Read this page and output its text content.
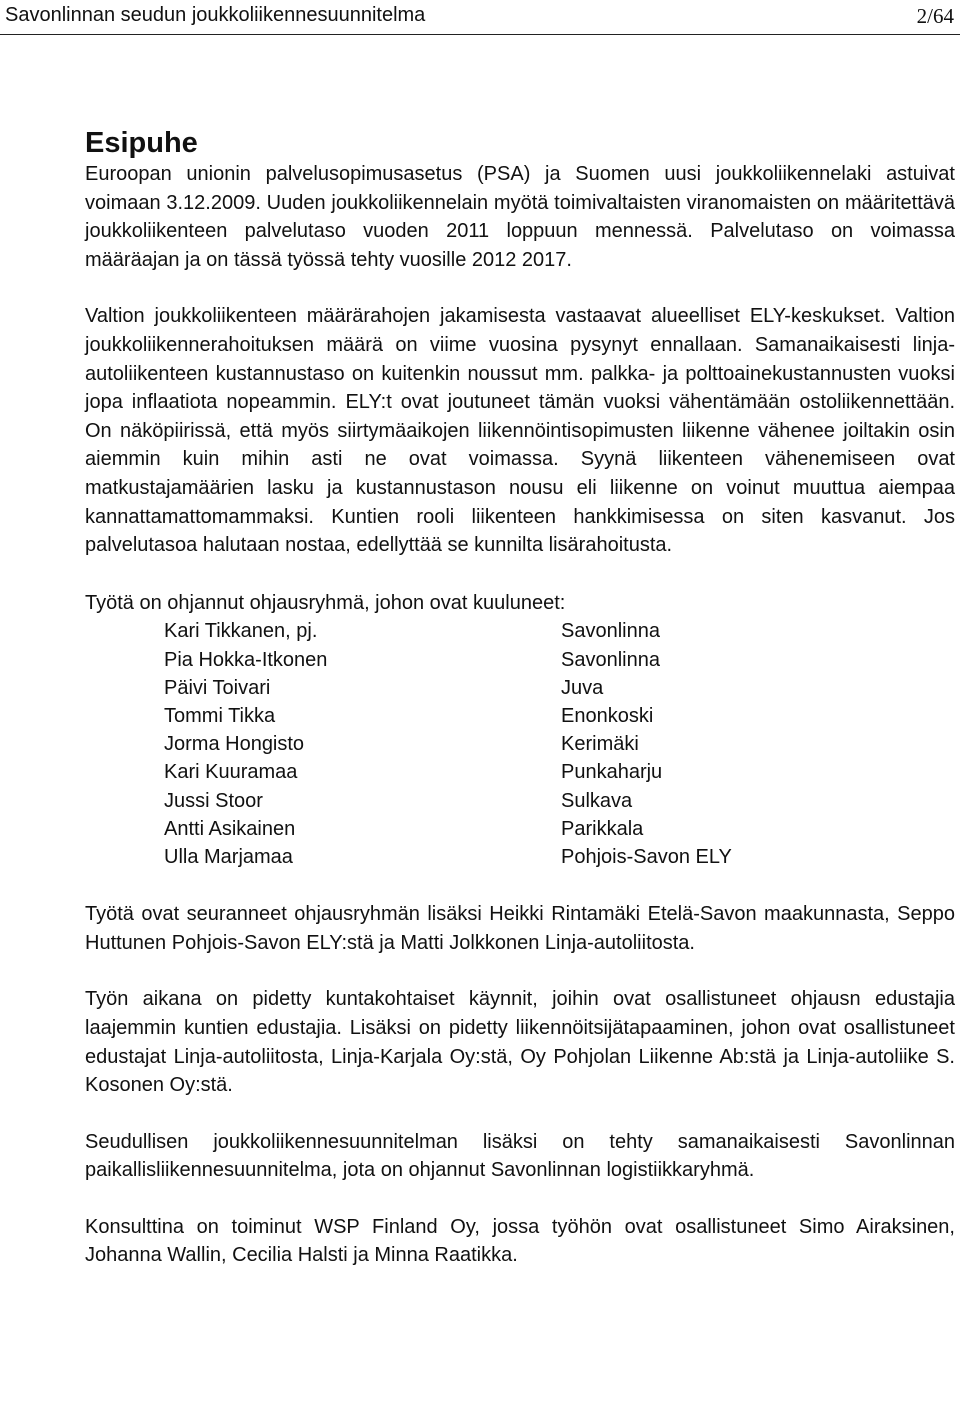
Savonlinnan seudun joukkoliikennesuunnitelma	2/64
Esipuhe

Euroopan unionin palvelusopimusasetus (PSA) ja Suomen uusi joukkoliikennelaki astuivat voimaan 3.12.2009. Uuden joukkoliikennelain myötä toimivaltaisten viranomaisten on määritettävä joukkoliikenteen palvelutaso vuoden 2011 loppuun mennessä. Palvelutaso on voimassa määräajan ja on tässä työssä tehty vuosille 2012 2017.

Valtion joukkoliikenteen määrärahojen jakamisesta vastaavat alueelliset ELY-keskukset. Valtion joukkoliikennerahoituksen määrä on viime vuosina pysynyt ennallaan. Samanaikaisesti linja-autoliikenteen kustannustaso on kuitenkin noussut mm. palkka- ja polttoainekustannusten vuoksi jopa inflaatiota nopeammin. ELY:t ovat joutuneet tämän vuoksi vähentämään ostoliikennettään. On näköpiirissä, että myös siirtymäaikojen liikennöintisopimusten liikenne vähenee joiltakin osin aiemmin kuin mihin asti ne ovat voimassa. Syynä liikenteen vähenemiseen ovat matkustajamäärien lasku ja kustannustason nousu eli liikenne on voinut muuttua aiempaa kannattamattomammaksi. Kuntien rooli liikenteen hankkimisessa on siten kasvanut. Jos palvelutasoa halutaan nostaa, edellyttää se kunnilta lisärahoitusta.

Työtä on ohjannut ohjausryhmä, johon ovat kuuluneet:

Kari Tikkanen, pj.	Savonlinna
Pia Hokka-Itkonen	Savonlinna
Päivi Toivari	Juva
Tommi Tikka	Enonkoski
Jorma Hongisto	Kerimäki
Kari Kuuramaa	Punkaharju
Jussi Stoor	Sulkava
Antti Asikainen	Parikkala
Ulla Marjamaa	Pohjois-Savon ELY

Työtä ovat seuranneet ohjausryhmän lisäksi Heikki Rintamäki Etelä-Savon maakunnasta, Seppo Huttunen Pohjois-Savon ELY:stä ja Matti Jolkkonen Linja-autoliitosta.

Työn aikana on pidetty kuntakohtaiset käynnit, joihin ovat osallistuneet ohjausn edustajia laajemmin kuntien edustajia. Lisäksi on pidetty liikennöitsijätapaaminen, johon ovat osallistuneet edustajat Linja-autoliitosta, Linja-Karjala Oy:stä, Oy Pohjolan Liikenne Ab:stä ja Linja-autoliike S. Kosonen Oy:stä.

Seudullisen joukkoliikennesuunnitelman lisäksi on tehty samanaikaisesti Savonlinnan paikallisliikennesuunnitelma, jota on ohjannut Savonlinnan logistiikkaryhmä.

Konsulttina on toiminut WSP Finland Oy, jossa työhön ovat osallistuneet Simo Airaksinen, Johanna Wallin, Cecilia Halsti ja Minna Raatikka.
